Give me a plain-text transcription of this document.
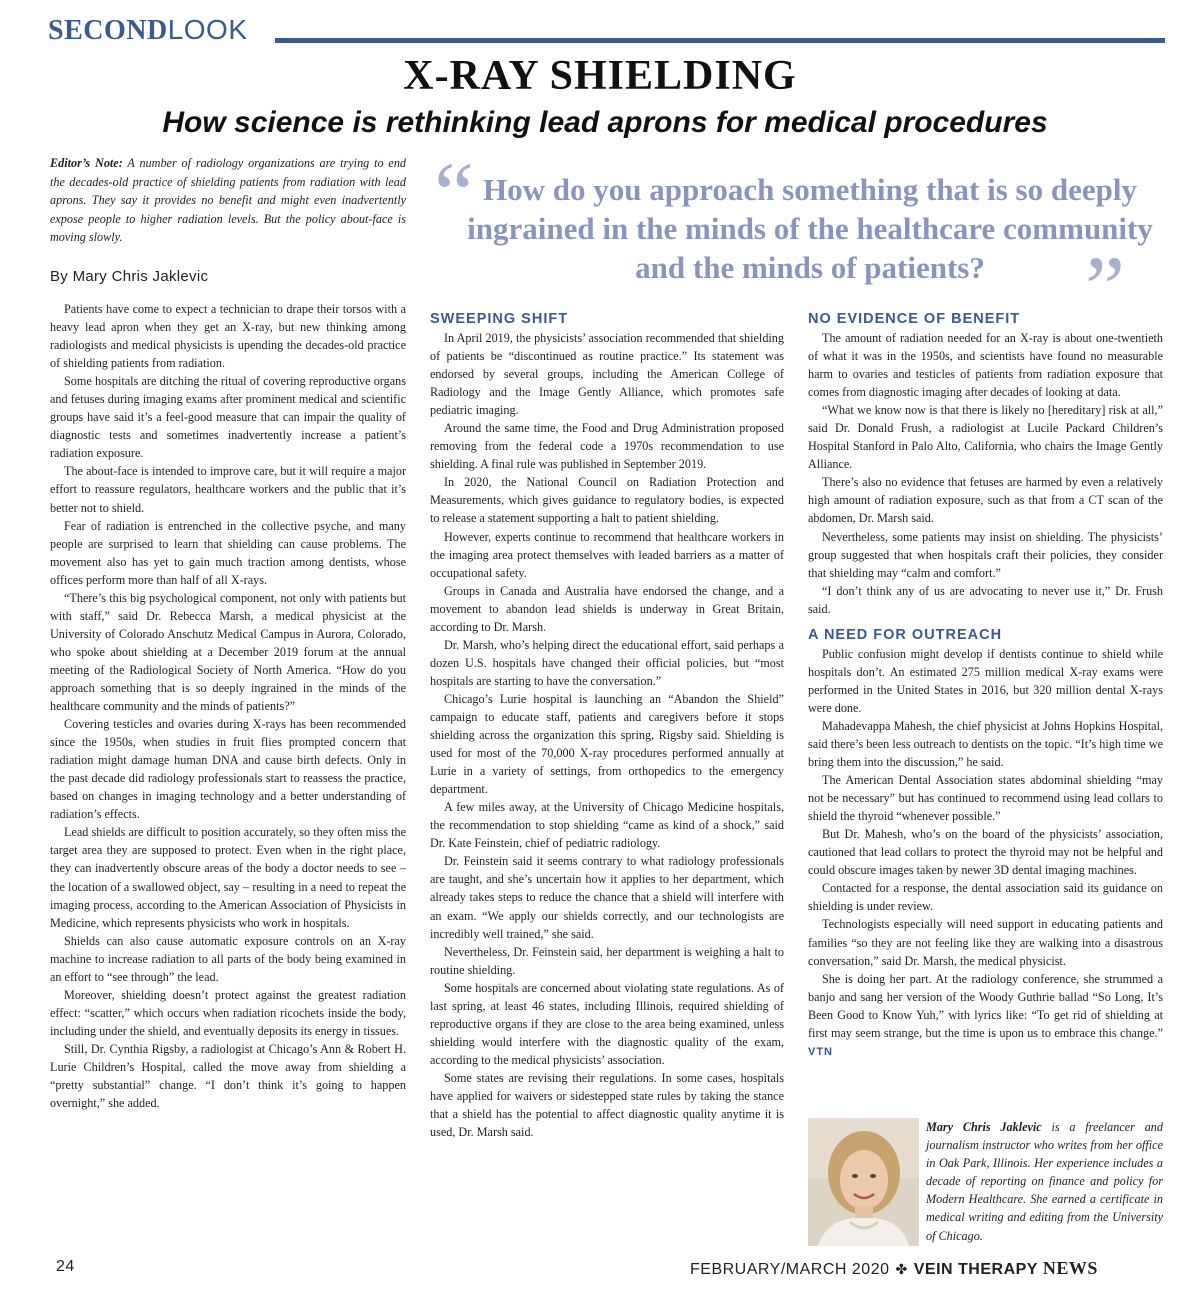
SECONDLOOK
X-RAY SHIELDING
How science is rethinking lead aprons for medical procedures
Editor’s Note: A number of radiology organizations are trying to end the decades-old practice of shielding patients from radiation with lead aprons. They say it provides no benefit and might even inadvertently expose people to higher radiation levels. But the policy about-face is moving slowly.
By Mary Chris Jaklevic
“ How do you approach something that is so deeply ingrained in the minds of the healthcare community and the minds of patients?	”

Patients have come to expect a technician to drape their torsos with a heavy lead apron when they get an X-ray, but new thinking among radiologists and medical physicists is upending the decades-old practice of shielding patients from radiation.

Some hospitals are ditching the ritual of covering reproductive organs and fetuses during imaging exams after prominent medical and scientific groups have said it’s a feel-good measure that can impair the quality of diagnostic tests and sometimes inadvertently increase a patient’s radiation exposure.

The about-face is intended to improve care, but it will require a major effort to reassure regulators, healthcare workers and the public that it’s better not to shield.

Fear of radiation is entrenched in the collective psyche, and many people are surprised to learn that shielding can cause problems. The movement also has yet to gain much traction among dentists, whose offices perform more than half of all X-rays.

“There’s this big psychological component, not only with patients but with staff,” said Dr. Rebecca Marsh, a medical physicist at the University of Colorado Anschutz Medical Campus in Aurora, Colorado, who spoke about shielding at a December 2019 forum at the annual meeting of the Radiological Society of North America. “How do you approach something that is so deeply ingrained in the minds of the healthcare community and the minds of patients?”

Covering testicles and ovaries during X-rays has been recommended since the 1950s, when studies in fruit flies prompted concern that radiation might damage human DNA and cause birth defects. Only in the past decade did radiology professionals start to reassess the practice, based on changes in imaging technology and a better understanding of radiation’s effects.

Lead shields are difficult to position accurately, so they often miss the target area they are supposed to protect. Even when in the right place, they can inadvertently obscure areas of the body a doctor needs to see – the location of a swallowed object, say – resulting in a need to repeat the imaging process, according to the American Association of Physicists in Medicine, which represents physicists who work in hospitals.

Shields can also cause automatic exposure controls on an X-ray machine to increase radiation to all parts of the body being examined in an effort to “see through” the lead.

Moreover, shielding doesn’t protect against the greatest radiation effect: “scatter,” which occurs when radiation ricochets inside the body, including under the shield, and eventually deposits its energy in tissues.

Still, Dr. Cynthia Rigsby, a radiologist at Chicago’s Ann & Robert H. Lurie Children’s Hospital, called the move away from shielding a “pretty substantial” change. “I don’t think it’s going to happen overnight,” she added.

SWEEPING SHIFT

In April 2019, the physicists’ association recommended that shielding of patients be “discontinued as routine practice.” Its statement was endorsed by several groups, including the American College of Radiology and the Image Gently Alliance, which promotes safe pediatric imaging.

Around the same time, the Food and Drug Administration proposed removing from the federal code a 1970s recommendation to use shielding. A final rule was published in September 2019.

In 2020, the National Council on Radiation Protection and Measurements, which gives guidance to regulatory bodies, is expected to release a statement supporting a halt to patient shielding.

However, experts continue to recommend that healthcare workers in the imaging area protect themselves with leaded barriers as a matter of occupational safety.

Groups in Canada and Australia have endorsed the change, and a movement to abandon lead shields is underway in Great Britain, according to Dr. Marsh.

Dr. Marsh, who’s helping direct the educational effort, said perhaps a dozen U.S. hospitals have changed their official policies, but “most hospitals are starting to have the conversation.”

Chicago’s Lurie hospital is launching an “Abandon the Shield” campaign to educate staff, patients and caregivers before it stops shielding across the organization this spring, Rigsby said. Shielding is used for most of the 70,000 X-ray procedures performed annually at Lurie in a variety of settings, from orthopedics to the emergency department.

A few miles away, at the University of Chicago Medicine hospitals, the recommendation to stop shielding “came as kind of a shock,” said Dr. Kate Feinstein, chief of pediatric radiology.

Dr. Feinstein said it seems contrary to what radiology professionals are taught, and she’s uncertain how it applies to her department, which already takes steps to reduce the chance that a shield will interfere with an exam. “We apply our shields correctly, and our technologists are incredibly well trained,” she said.

Nevertheless, Dr. Feinstein said, her department is weighing a halt to routine shielding.

Some hospitals are concerned about violating state regulations. As of last spring, at least 46 states, including Illinois, required shielding of reproductive organs if they are close to the area being examined, unless shielding would interfere with the diagnostic quality of the exam, according to the medical physicists’ association.

Some states are revising their regulations. In some cases, hospitals have applied for waivers or sidestepped state rules by taking the stance that a shield has the potential to affect diagnostic quality anytime it is used, Dr. Marsh said.

NO EVIDENCE OF BENEFIT

The amount of radiation needed for an X-ray is about one-twentieth of what it was in the 1950s, and scientists have found no measurable harm to ovaries and testicles of patients from radiation exposure that comes from diagnostic imaging after decades of looking at data.

“What we know now is that there is likely no [hereditary] risk at all,” said Dr. Donald Frush, a radiologist at Lucile Packard Children’s Hospital Stanford in Palo Alto, California, who chairs the Image Gently Alliance.

There’s also no evidence that fetuses are harmed by even a relatively high amount of radiation exposure, such as that from a CT scan of the abdomen, Dr. Marsh said.

Nevertheless, some patients may insist on shielding. The physicists’ group suggested that when hospitals craft their policies, they consider that shielding may “calm and comfort.”

“I don’t think any of us are advocating to never use it,” Dr. Frush said.

A NEED FOR OUTREACH

Public confusion might develop if dentists continue to shield while hospitals don’t. An estimated 275 million medical X-ray exams were performed in the United States in 2016, but 320 million dental X-rays were done.

Mahadevappa Mahesh, the chief physicist at Johns Hopkins Hospital, said there’s been less outreach to dentists on the topic. “It’s high time we bring them into the discussion,” he said.

The American Dental Association states abdominal shielding “may not be necessary” but has continued to recommend using lead collars to shield the thyroid “whenever possible.”

But Dr. Mahesh, who’s on the board of the physicists’ association, cautioned that lead collars to protect the thyroid may not be helpful and could obscure images taken by newer 3D dental imaging machines.

Contacted for a response, the dental association said its guidance on shielding is under review.

Technologists especially will need support in educating patients and families “so they are not feeling like they are walking into a disastrous conversation,” said Dr. Marsh, the medical physicist.

She is doing her part. At the radiology conference, she strummed a banjo and sang her version of the Woody Guthrie ballad “So Long, It’s Been Good to Know Yuh,” with lyrics like: “To get rid of shielding at first may seem strange, but the time is upon us to embrace this change.” VTN

Mary Chris Jaklevic is a freelancer and journalism instructor who writes from her office in Oak Park, Illinois. Her experience includes a decade of reporting on finance and policy for Modern Healthcare. She earned a certificate in medical writing and editing from the University of Chicago.
24	FEBRUARY/MARCH 2020 ✤ VEIN THERAPY NEWS
